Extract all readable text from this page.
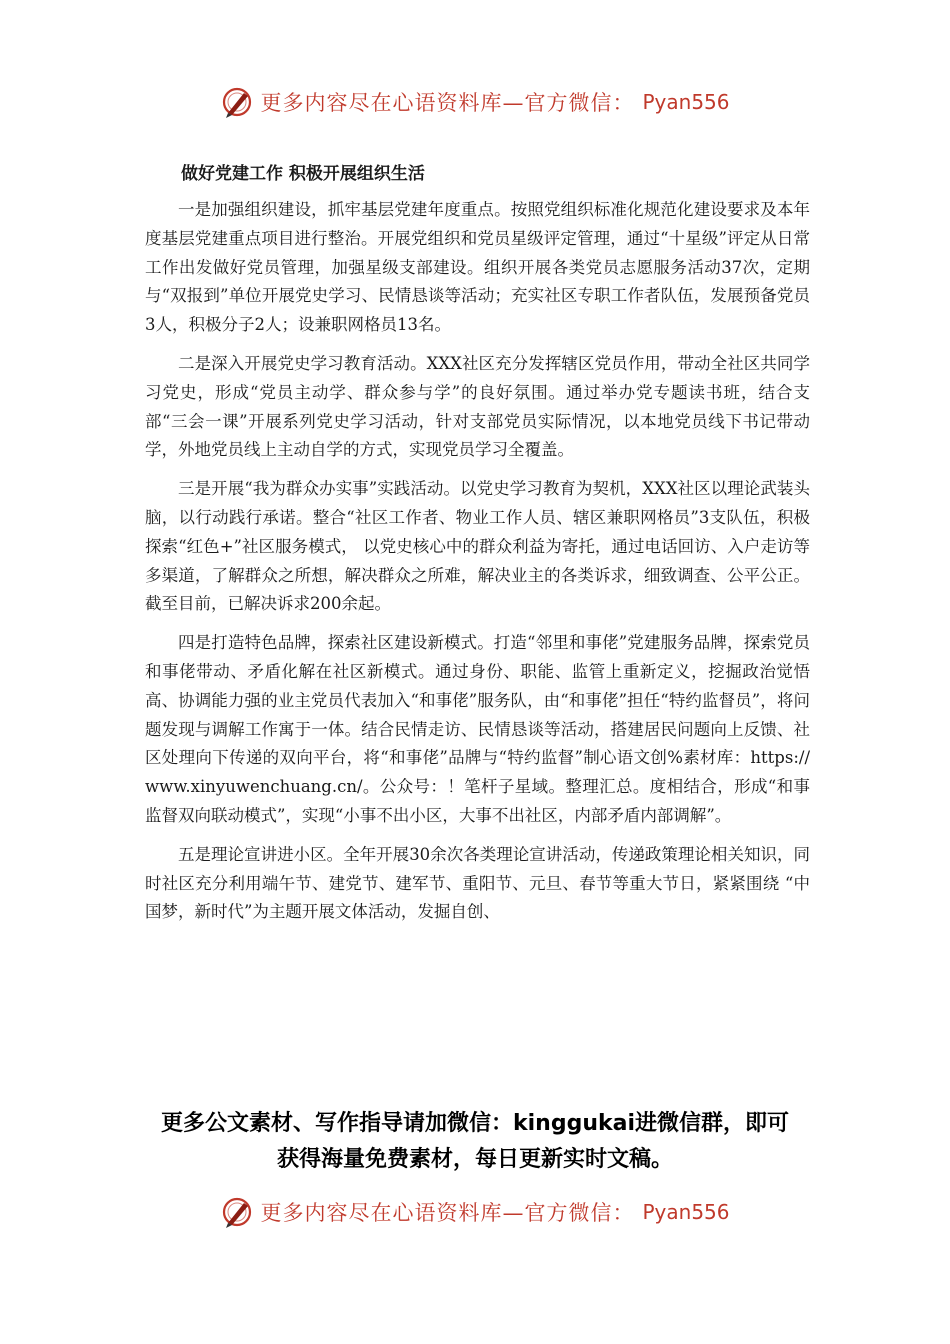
更多内容尽在心语资料库—官方微信： Pyan556
做好党建工作 积极开展组织生活

一是加强组织建设，抓牢基层党建年度重点。按照党组织标准化规范化建设要求及本年度基层党建重点项目进行整治。开展党组织和党员星级评定管理，通过“十星级”评定从日常工作出发做好党员管理，加强星级支部建设。组织开展各类党员志愿服务活动37次，定期与“双报到”单位开展党史学习、民情恳谈等活动；充实社区专职工作者队伍，发展预备党员3人，积极分子2人；设兼职网格员13名。

二是深入开展党史学习教育活动。XXX社区充分发挥辖区党员作用，带动全社区共同学习党史，形成“党员主动学、群众参与学”的良好氛围。通过举办党专题读书班，结合支部“三会一课”开展系列党史学习活动，针对支部党员实际情况，以本地党员线下书记带动学，外地党员线上主动自学的方式，实现党员学习全覆盖。

三是开展“我为群众办实事”实践活动。以党史学习教育为契机，XXX社区以理论武装头脑，以行动践行承诺。整合“社区工作者、物业工作人员、辖区兼职网格员”3支队伍，积极探索“红色+”社区服务模式， 以党史核心中的群众利益为寄托，通过电话回访、入户走访等多渠道，了解群众之所想，解决群众之所难，解决业主的各类诉求，细致调查、公平公正。截至目前，已解决诉求200余起。

四是打造特色品牌，探索社区建设新模式。打造“邻里和事佬”党建服务品牌，探索党员和事佬带动、矛盾化解在社区新模式。通过身份、职能、监管上重新定义，挖掘政治觉悟高、协调能力强的业主党员代表加入“和事佬”服务队，由“和事佬”担任“特约监督员”，将问题发现与调解工作寓于一体。结合民情走访、民情恳谈等活动，搭建居民问题向上反馈、社区处理向下传递的双向平台，将“和事佬”品牌与“特约监督”制心语文创%素材库：https://www.xinyuwenchuang.cn/。公众号：！笔杆子星域。整理汇总。度相结合，形成“和事监督双向联动模式”，实现“小事不出小区，大事不出社区，内部矛盾内部调解”。

五是理论宣讲进小区。全年开展30余次各类理论宣讲活动，传递政策理论相关知识，同时社区充分利用端午节、建党节、建军节、重阳节、元旦、春节等重大节日，紧紧围绕 “中国梦，新时代”为主题开展文体活动，发掘自创、

更多公文素材、写作指导请加微信：kinggukai进微信群，即可
获得海量免费素材，每日更新实时文稿。
更多内容尽在心语资料库—官方微信： Pyan556
